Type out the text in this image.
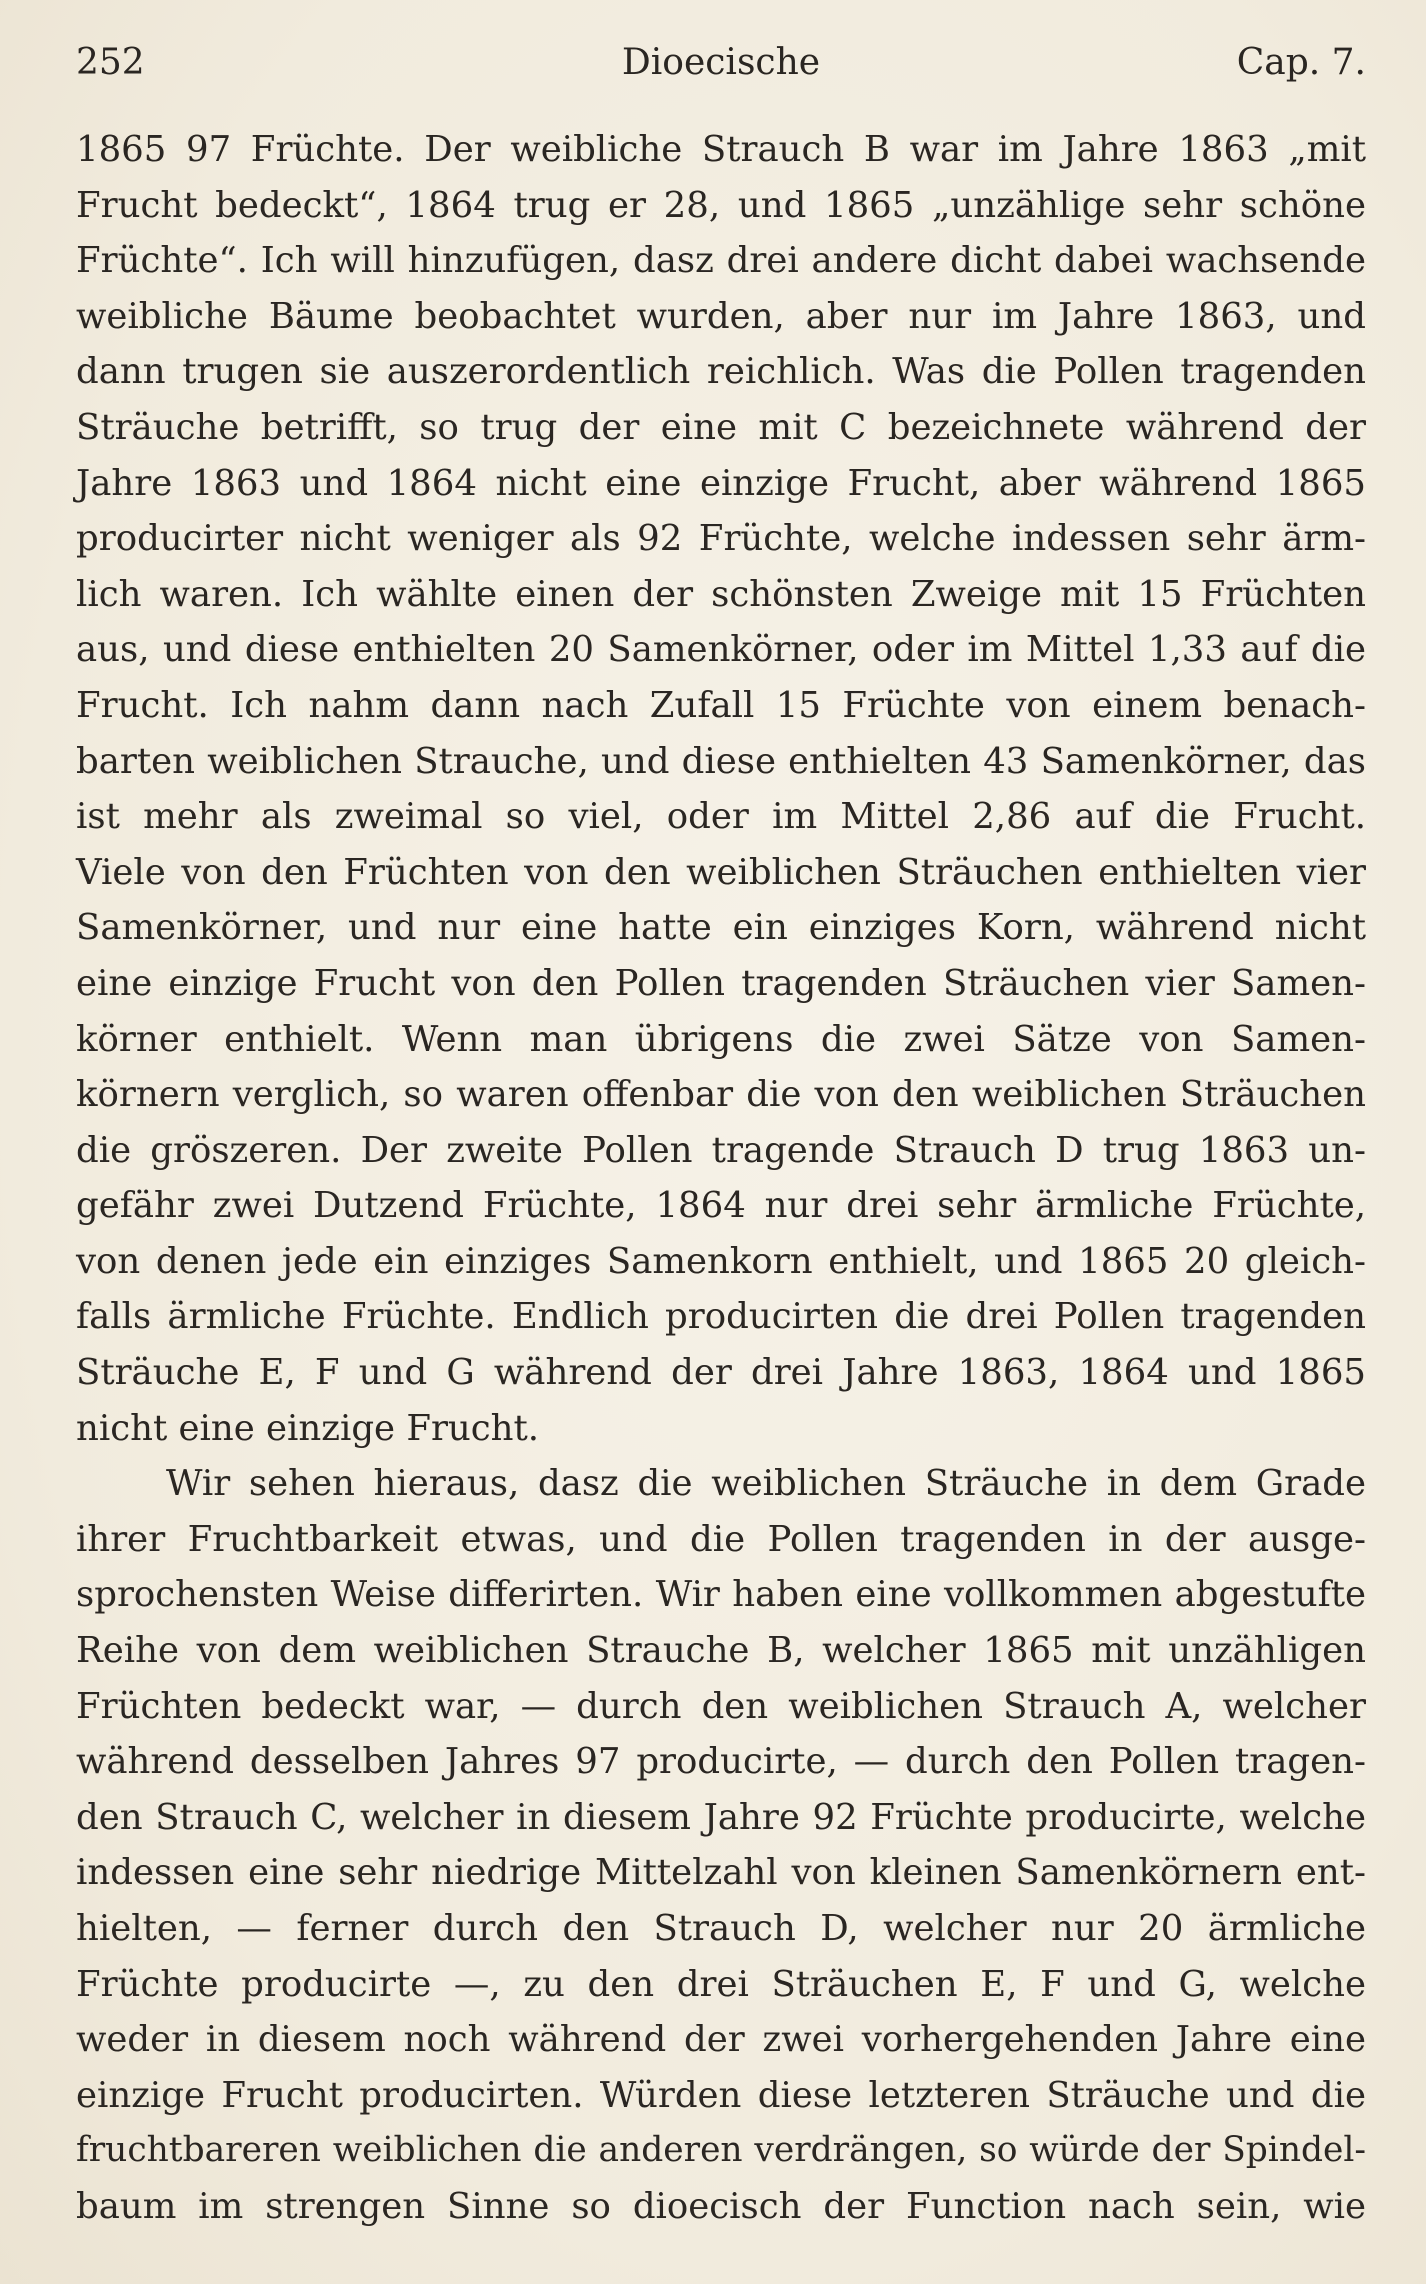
252	Dioecische	Cap. 7.
1865 97 Früchte. Der weibliche Strauch B war im Jahre 1863 „mit
Frucht bedeckt“, 1864 trug er 28, und 1865 „unzählige sehr schöne
Früchte“. Ich will hinzufügen, dasz drei andere dicht dabei wachsende
weibliche Bäume beobachtet wurden, aber nur im Jahre 1863, und
dann trugen sie auszerordentlich reichlich. Was die Pollen tragenden
Sträuche betrifft, so trug der eine mit C bezeichnete während der
Jahre 1863 und 1864 nicht eine einzige Frucht, aber während 1865
producirter nicht weniger als 92 Früchte, welche indessen sehr ärm-
lich waren. Ich wählte einen der schönsten Zweige mit 15 Früchten
aus, und diese enthielten 20 Samenkörner, oder im Mittel 1,33 auf die
Frucht. Ich nahm dann nach Zufall 15 Früchte von einem benach-
barten weiblichen Strauche, und diese enthielten 43 Samenkörner, das
ist mehr als zweimal so viel, oder im Mittel 2,86 auf die Frucht.
Viele von den Früchten von den weiblichen Sträuchen enthielten vier
Samenkörner, und nur eine hatte ein einziges Korn, während nicht
eine einzige Frucht von den Pollen tragenden Sträuchen vier Samen-
körner enthielt. Wenn man übrigens die zwei Sätze von Samen-
körnern verglich, so waren offenbar die von den weiblichen Sträuchen
die gröszeren. Der zweite Pollen tragende Strauch D trug 1863 un-
gefähr zwei Dutzend Früchte, 1864 nur drei sehr ärmliche Früchte,
von denen jede ein einziges Samenkorn enthielt, und 1865 20 gleich-
falls ärmliche Früchte. Endlich producirten die drei Pollen tragenden
Sträuche E, F und G während der drei Jahre 1863, 1864 und 1865
nicht eine einzige Frucht.
Wir sehen hieraus, dasz die weiblichen Sträuche in dem Grade
ihrer Fruchtbarkeit etwas, und die Pollen tragenden in der ausge-
sprochensten Weise differirten. Wir haben eine vollkommen abgestufte
Reihe von dem weiblichen Strauche B, welcher 1865 mit unzähligen
Früchten bedeckt war, — durch den weiblichen Strauch A, welcher
während desselben Jahres 97 producirte, — durch den Pollen tragen-
den Strauch C, welcher in diesem Jahre 92 Früchte producirte, welche
indessen eine sehr niedrige Mittelzahl von kleinen Samenkörnern ent-
hielten, — ferner durch den Strauch D, welcher nur 20 ärmliche
Früchte producirte —, zu den drei Sträuchen E, F und G, welche
weder in diesem noch während der zwei vorhergehenden Jahre eine
einzige Frucht producirten. Würden diese letzteren Sträuche und die
fruchtbareren weiblichen die anderen verdrängen, so würde der Spindel-
baum im strengen Sinne so dioecisch der Function nach sein, wie
